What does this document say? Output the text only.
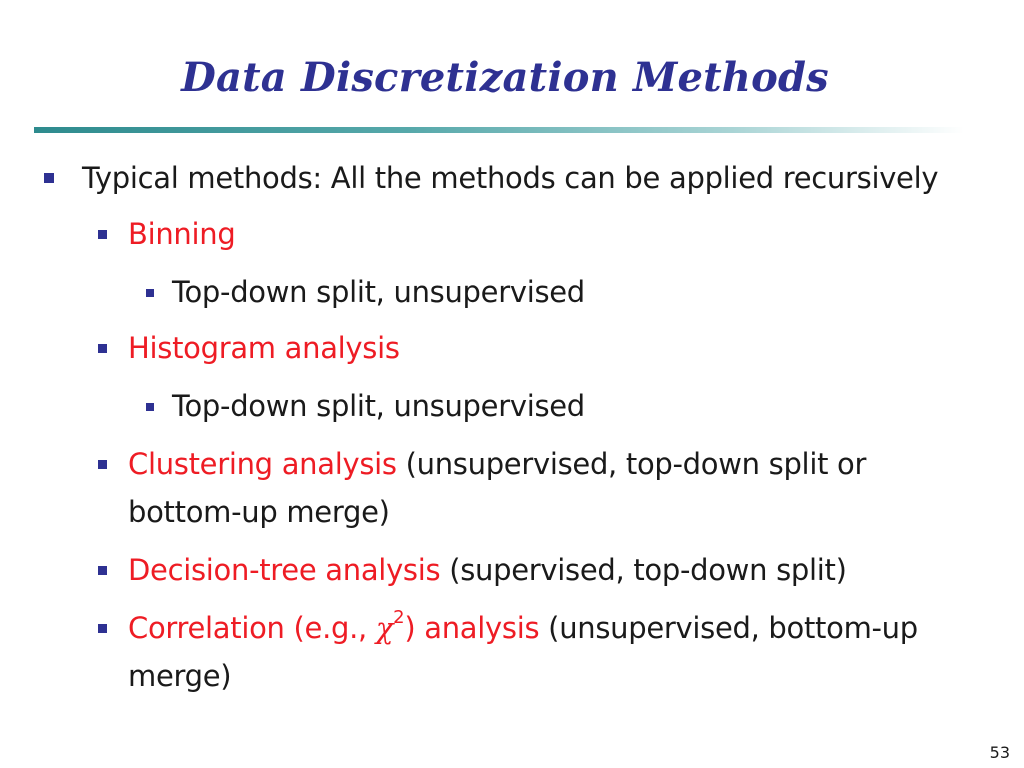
Data Discretization Methods
Typical methods: All the methods can be applied recursively
Binning
Top-down split, unsupervised
Histogram analysis
Top-down split, unsupervised
Clustering analysis (unsupervised, top-down split or
bottom-up merge)
Decision-tree analysis (supervised, top-down split)
Correlation (e.g., $\chi^2$) analysis (unsupervised, bottom-up
merge)
53
